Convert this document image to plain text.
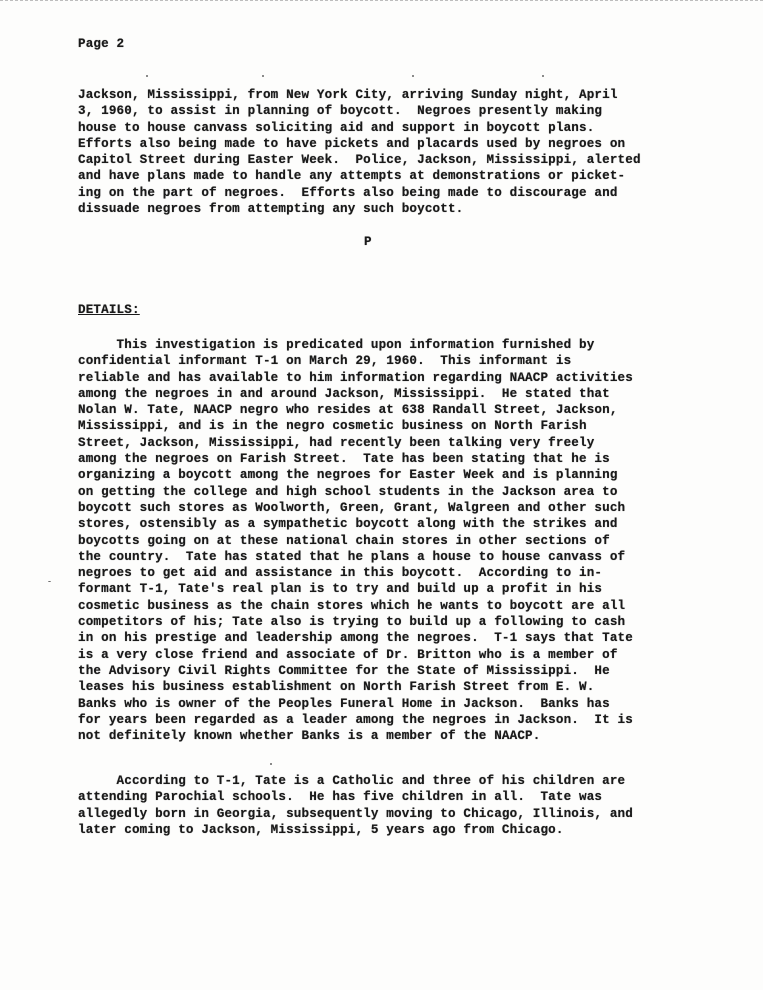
Page 2
Jackson, Mississippi, from New York City, arriving Sunday night, April
3, 1960, to assist in planning of boycott.  Negroes presently making
house to house canvass soliciting aid and support in boycott plans.
Efforts also being made to have pickets and placards used by negroes on
Capitol Street during Easter Week.  Police, Jackson, Mississippi, alerted
and have plans made to handle any attempts at demonstrations or picket-
ing on the part of negroes.  Efforts also being made to discourage and
dissuade negroes from attempting any such boycott.
P
DETAILS:
This investigation is predicated upon information furnished by
confidential informant T-1 on March 29, 1960.  This informant is
reliable and has available to him information regarding NAACP activities
among the negroes in and around Jackson, Mississippi.  He stated that
Nolan W. Tate, NAACP negro who resides at 638 Randall Street, Jackson,
Mississippi, and is in the negro cosmetic business on North Farish
Street, Jackson, Mississippi, had recently been talking very freely
among the negroes on Farish Street.  Tate has been stating that he is
organizing a boycott among the negroes for Easter Week and is planning
on getting the college and high school students in the Jackson area to
boycott such stores as Woolworth, Green, Grant, Walgreen and other such
stores, ostensibly as a sympathetic boycott along with the strikes and
boycotts going on at these national chain stores in other sections of
the country.  Tate has stated that he plans a house to house canvass of
negroes to get aid and assistance in this boycott.  According to in-
formant T-1, Tate's real plan is to try and build up a profit in his
cosmetic business as the chain stores which he wants to boycott are all
competitors of his; Tate also is trying to build up a following to cash
in on his prestige and leadership among the negroes.  T-1 says that Tate
is a very close friend and associate of Dr. Britton who is a member of
the Advisory Civil Rights Committee for the State of Mississippi.  He
leases his business establishment on North Farish Street from E. W.
Banks who is owner of the Peoples Funeral Home in Jackson.  Banks has
for years been regarded as a leader among the negroes in Jackson.  It is
not definitely known whether Banks is a member of the NAACP.
According to T-1, Tate is a Catholic and three of his children are
attending Parochial schools.  He has five children in all.  Tate was
allegedly born in Georgia, subsequently moving to Chicago, Illinois, and
later coming to Jackson, Mississippi, 5 years ago from Chicago.
